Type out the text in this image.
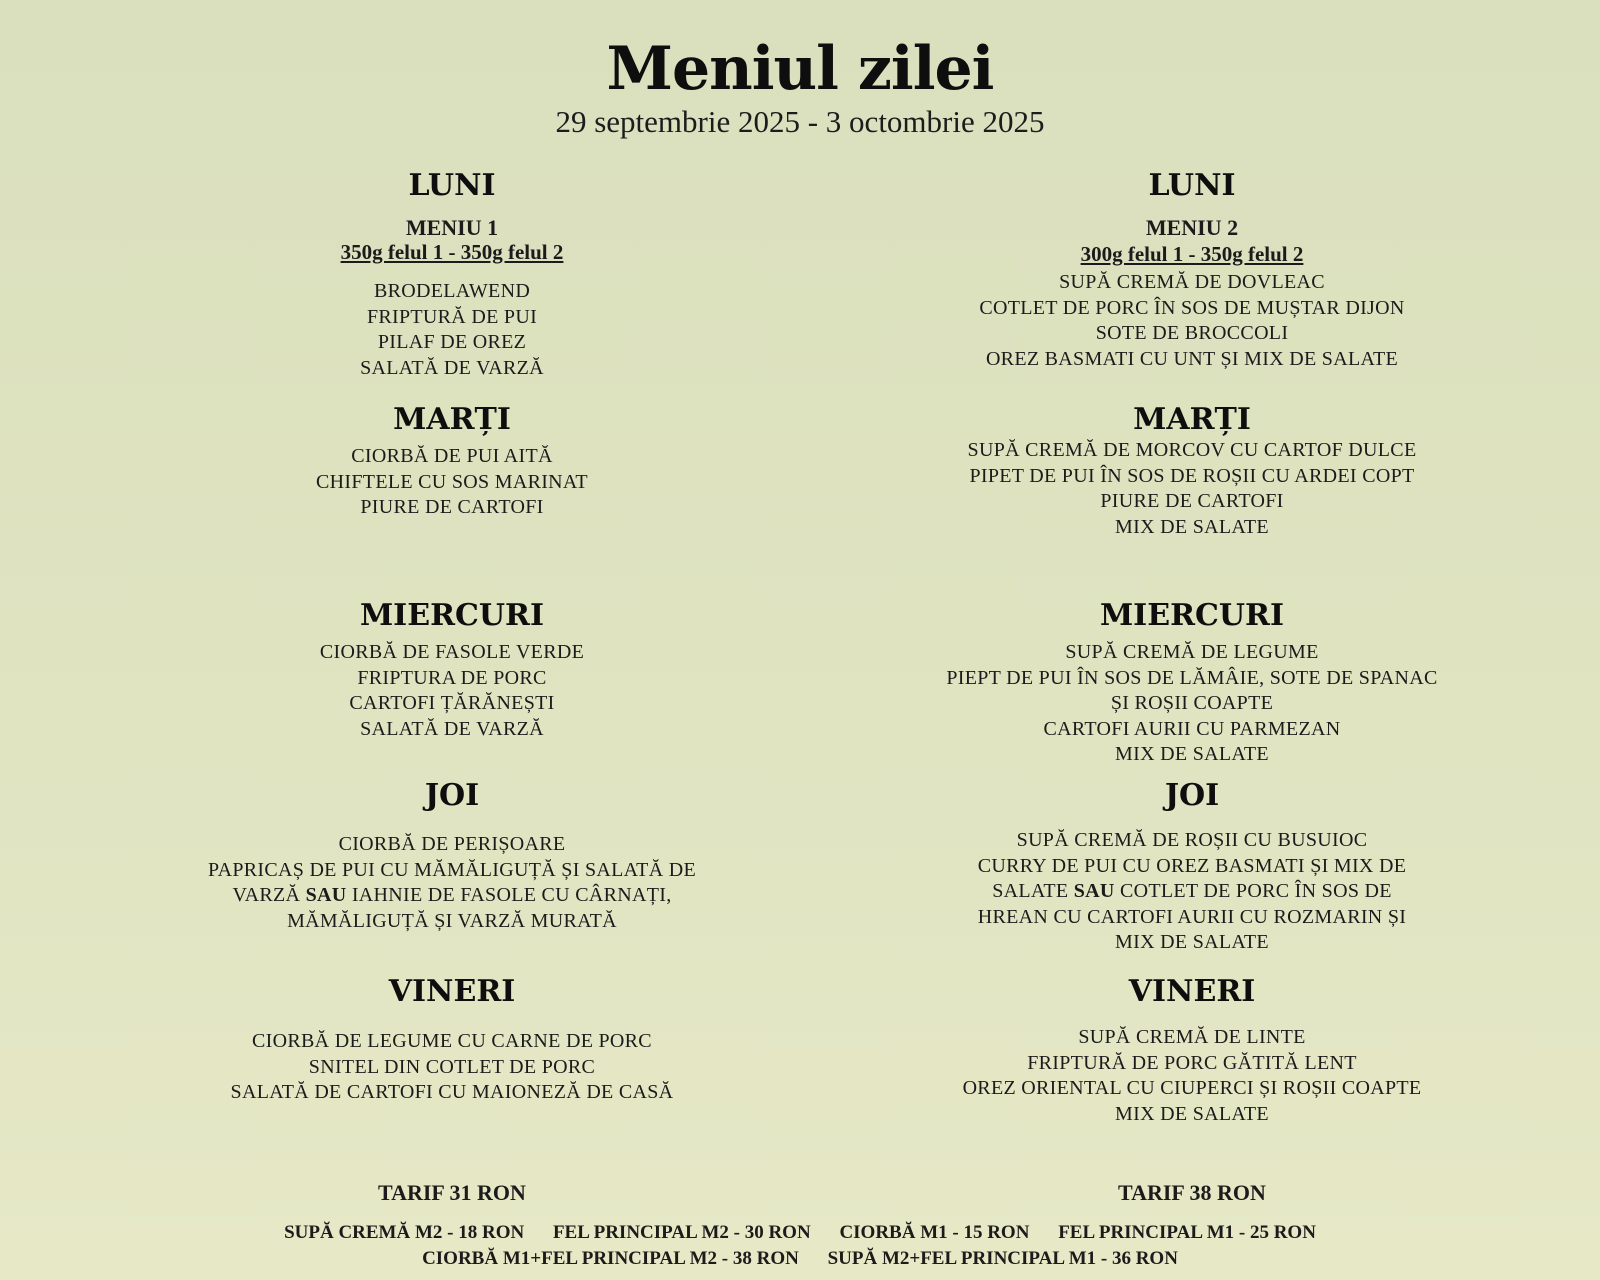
Meniul zilei
29 septembrie 2025 - 3 octombrie 2025
LUNI
MENIU 1
350g felul 1 - 350g felul 2
BRODELAWEND
FRIPTURĂ DE PUI
PILAF DE OREZ
SALATĂ DE VARZĂ
MARȚI
CIORBĂ DE PUI AITĂ
CHIFTELE CU SOS MARINAT
PIURE DE CARTOFI
MIERCURI
CIORBĂ DE FASOLE VERDE
FRIPTURA DE PORC
CARTOFI ȚĂRĂNEȘTI
SALATĂ DE VARZĂ
JOI
CIORBĂ DE PERIȘOARE
PAPRICAȘ DE PUI CU MĂMĂLIGUȚĂ ȘI SALATĂ DE
VARZĂ SAU IAHNIE DE FASOLE CU CÂRNAȚI,
MĂMĂLIGUȚĂ ȘI VARZĂ MURATĂ
VINERI
CIORBĂ DE LEGUME CU CARNE DE PORC
SNITEL DIN COTLET DE PORC
SALATĂ DE CARTOFI CU MAIONEZĂ DE CASĂ
LUNI
MENIU 2
300g felul 1 - 350g felul 2
SUPĂ CREMĂ DE DOVLEAC
COTLET DE PORC ÎN SOS DE MUȘTAR DIJON
SOTE DE BROCCOLI
OREZ BASMATI CU UNT ȘI MIX DE SALATE
MARȚI
SUPĂ CREMĂ DE MORCOV CU CARTOF DULCE
PIPET DE PUI ÎN SOS DE ROȘII CU ARDEI COPT
PIURE DE CARTOFI
MIX DE SALATE
MIERCURI
SUPĂ CREMĂ DE LEGUME
PIEPT DE PUI ÎN SOS DE LĂMÂIE, SOTE DE SPANAC
ȘI ROȘII COAPTE
CARTOFI AURII CU PARMEZAN
MIX DE SALATE
JOI
SUPĂ CREMĂ DE ROȘII CU BUSUIOC
CURRY DE PUI CU OREZ BASMATI ȘI MIX DE
SALATE SAU COTLET DE PORC ÎN SOS DE
HREAN CU CARTOFI AURII CU ROZMARIN ȘI
MIX DE SALATE
VINERI
SUPĂ CREMĂ DE LINTE
FRIPTURĂ DE PORC GĂTITĂ LENT
OREZ ORIENTAL CU CIUPERCI ȘI ROȘII COAPTE
MIX DE SALATE
TARIF 31 RON	TARIF 38 RON
SUPĂ CREMĂ M2 - 18 RON FEL PRINCIPAL M2 - 30 RON CIORBĂ M1 - 15 RON FEL PRINCIPAL M1 - 25 RON
CIORBĂ M1+FEL PRINCIPAL M2 - 38 RON SUPĂ M2+FEL PRINCIPAL M1 - 36 RON
